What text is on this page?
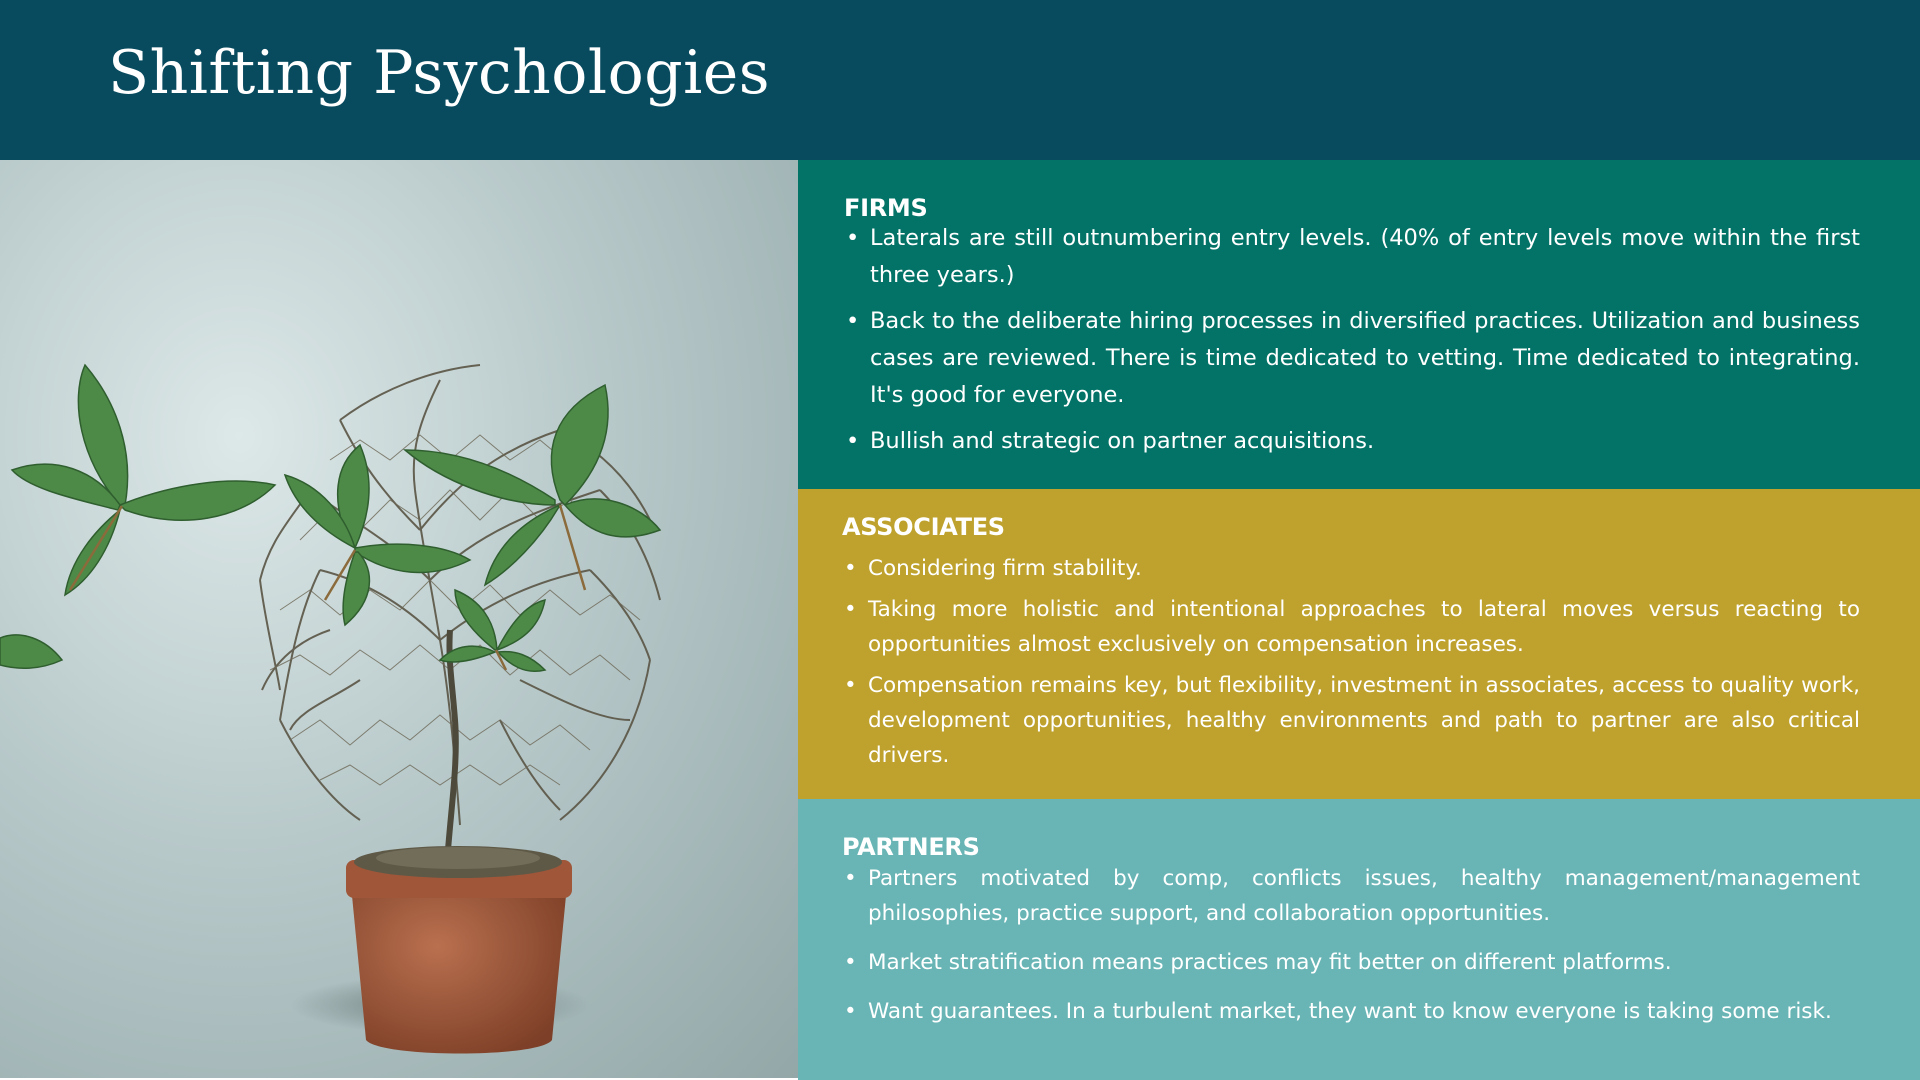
Shifting Psychologies
FIRMS
• Laterals are still outnumbering entry levels. (40% of entry levels move within the first three years.)
• Back to the deliberate hiring processes in diversified practices. Utilization and business cases are reviewed. There is time dedicated to vetting. Time dedicated to integrating. It's good for everyone.
• Bullish and strategic on partner acquisitions.
ASSOCIATES
• Considering firm stability.
• Taking more holistic and intentional approaches to lateral moves versus reacting to opportunities almost exclusively on compensation increases.
• Compensation remains key, but flexibility, investment in associates, access to quality work, development opportunities, healthy environments and path to partner are also critical drivers.
PARTNERS
• Partners motivated by comp, conflicts issues, healthy management/management philosophies, practice support, and collaboration opportunities.
• Market stratification means practices may fit better on different platforms.
• Want guarantees. In a turbulent market, they want to know everyone is taking some risk.
